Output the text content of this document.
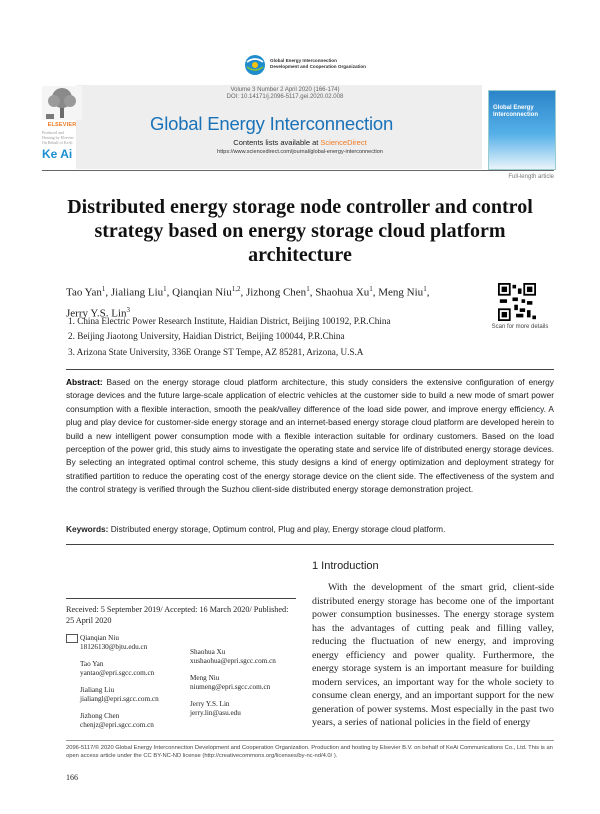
Global Energy Interconnection
Development and Cooperation Organization
ELSEVIER
Produced and
Hosting by Elsevier
On Behalf of KeAi
Ke Ai
Volume 3 Number 2 April 2020 (166-174)
DOI: 10.14171/j.2096-5117.gei.2020.02.008
Global Energy Interconnection
Contents lists available at ScienceDirect
https://www.sciencedirect.com/journal/global-energy-interconnection
Global Energy Interconnection
Full-length article
Distributed energy storage node controller and control
strategy based on energy storage cloud platform
architecture
Tao Yan$^1$, Jialiang Liu$^1$, Qianqian Niu$^{1,2}$, Jizhong Chen$^1$, Shaohua Xu$^1$, Meng Niu$^1$,
Jerry Y.S. Lin$^3$
1. China Electric Power Research Institute, Haidian District, Beijing 100192, P.R.China
2. Beijing Jiaotong University, Haidian District, Beijing 100044, P.R.China
3. Arizona State University, 336E Orange ST Tempe, AZ 85281, Arizona, U.S.A
Scan for more details
Abstract: Based on the energy storage cloud platform architecture, this study considers the extensive configuration of energy storage devices and the future large-scale application of electric vehicles at the customer side to build a new mode of smart power consumption with a flexible interaction, smooth the peak/valley difference of the load side power, and improve energy efficiency. A plug and play device for customer-side energy storage and an internet-based energy storage cloud platform are developed herein to build a new intelligent power consumption mode with a flexible interaction suitable for ordinary customers. Based on the load perception of the power grid, this study aims to investigate the operating state and service life of distributed energy storage devices. By selecting an integrated optimal control scheme, this study designs a kind of energy optimization and deployment strategy for stratified partition to reduce the operating cost of the energy storage device on the client side. The effectiveness of the system and the control strategy is verified through the Suzhou client-side distributed energy storage demonstration project.
Keywords: Distributed energy storage, Optimum control, Plug and play, Energy storage cloud platform.
1 Introduction
With the development of the smart grid, client-side distributed energy storage has become one of the important power consumption businesses. The energy storage system has the advantages of cutting peak and filling valley, reducing the fluctuation of new energy, and improving energy efficiency and power quality. Furthermore, the energy storage system is an important measure for building modern services, an important way for the whole society to consume clean energy, and an important support for the new generation of power systems. Most especially in the past two years, a series of national policies in the field of energy
Received: 5 September 2019/ Accepted: 16 March 2020/ Published: 25 April 2020
Qianqian Niu
18126130@bjtu.edu.cn
Tao Yan
yantao@epri.sgcc.com.cn
Jialiang Liu
jialiangl@epri.sgcc.com.cn
Jizhong Chen
chenjz@epri.sgcc.com.cn
Shaohua Xu
xushaohua@epri.sgcc.com.cn
Meng Niu
niumeng@epri.sgcc.com.cn
Jerry Y.S. Lin
jerry.lin@asu.edu
2096-5117/© 2020 Global Energy Interconnection Development and Cooperation Organization. Production and hosting by Elsevier B.V. on behalf of KeAi Communications Co., Ltd. This is an open access article under the CC BY-NC-ND license (http://creativecommons.org/licenses/by-nc-nd/4.0/ ).
166
